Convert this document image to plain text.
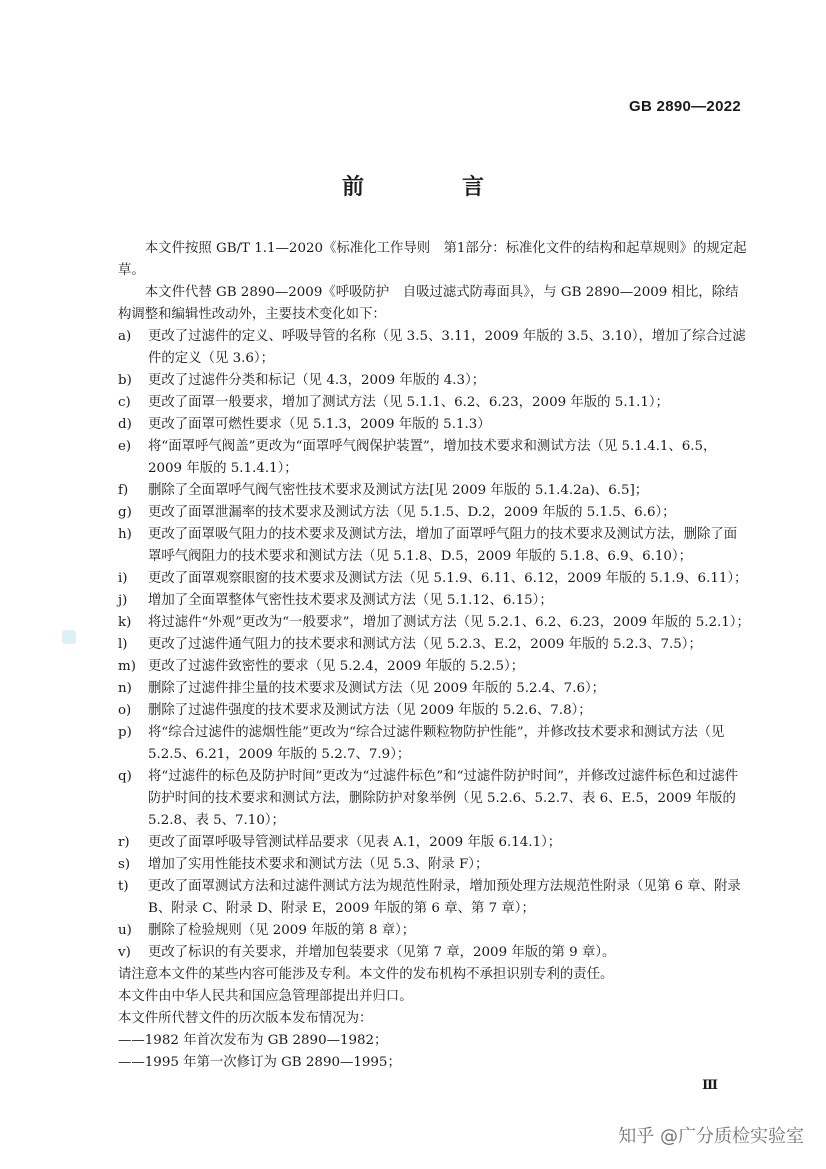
GB 2890—2022
前　言

本文件按照 GB/T 1.1—2020《标准化工作导则　第1部分：标准化文件的结构和起草规则》的规定起草。

本文件代替 GB 2890—2009《呼吸防护　自吸过滤式防毒面具》，与 GB 2890—2009 相比，除结构调整和编辑性改动外，主要技术变化如下：

a)	更改了过滤件的定义、呼吸导管的名称（见 3.5、3.11，2009 年版的 3.5、3.10），增加了综合过滤件的定义（见 3.6）；
b)	更改了过滤件分类和标记（见 4.3，2009 年版的 4.3）；
c)	更改了面罩一般要求，增加了测试方法（见 5.1.1、6.2、6.23，2009 年版的 5.1.1）；
d)	更改了面罩可燃性要求（见 5.1.3，2009 年版的 5.1.3）
e)	将“面罩呼气阀盖”更改为“面罩呼气阀保护装置”，增加技术要求和测试方法（见 5.1.4.1、6.5，2009 年版的 5.1.4.1）；
f)	删除了全面罩呼气阀气密性技术要求及测试方法[见 2009 年版的 5.1.4.2a)、6.5]；
g)	更改了面罩泄漏率的技术要求及测试方法（见 5.1.5、D.2，2009 年版的 5.1.5、6.6）；
h)	更改了面罩吸气阻力的技术要求及测试方法，增加了面罩呼气阻力的技术要求及测试方法，删除了面罩呼气阀阻力的技术要求和测试方法（见 5.1.8、D.5，2009 年版的 5.1.8、6.9、6.10）；
i)	更改了面罩观察眼窗的技术要求及测试方法（见 5.1.9、6.11、6.12，2009 年版的 5.1.9、6.11）；
j)	增加了全面罩整体气密性技术要求及测试方法（见 5.1.12、6.15）；
k)	将过滤件“外观”更改为“一般要求”，增加了测试方法（见 5.2.1、6.2、6.23，2009 年版的 5.2.1）；
l)	更改了过滤件通气阻力的技术要求和测试方法（见 5.2.3、E.2，2009 年版的 5.2.3、7.5）；
m) 更改了过滤件致密性的要求（见 5.2.4，2009 年版的 5.2.5）；
n)	删除了过滤件排尘量的技术要求及测试方法（见 2009 年版的 5.2.4、7.6）；
o)	删除了过滤件强度的技术要求及测试方法（见 2009 年版的 5.2.6、7.8）；
p)	将“综合过滤件的滤烟性能”更改为“综合过滤件颗粒物防护性能”，并修改技术要求和测试方法（见 5.2.5、6.21，2009 年版的 5.2.7、7.9）；
q)	将“过滤件的标色及防护时间”更改为“过滤件标色”和“过滤件防护时间”，并修改过滤件标色和过滤件防护时间的技术要求和测试方法，删除防护对象举例（见 5.2.6、5.2.7、表 6、E.5，2009 年版的 5.2.8、表 5、7.10）；
r)	更改了面罩呼吸导管测试样品要求（见表 A.1，2009 年版 6.14.1）；
s)	增加了实用性能技术要求和测试方法（见 5.3、附录 F）；
t)	更改了面罩测试方法和过滤件测试方法为规范性附录，增加预处理方法规范性附录（见第 6 章、附录 B、附录 C、附录 D、附录 E，2009 年版的第 6 章、第 7 章）；
u)	删除了检验规则（见 2009 年版的第 8 章）；
v)	更改了标识的有关要求，并增加包装要求（见第 7 章，2009 年版的第 9 章）。

请注意本文件的某些内容可能涉及专利。本文件的发布机构不承担识别专利的责任。

本文件由中华人民共和国应急管理部提出并归口。

本文件所代替文件的历次版本发布情况为：

——1982 年首次发布为 GB 2890—1982；

——1995 年第一次修订为 GB 2890—1995；

Ⅲ
知乎 @广分质检实验室
